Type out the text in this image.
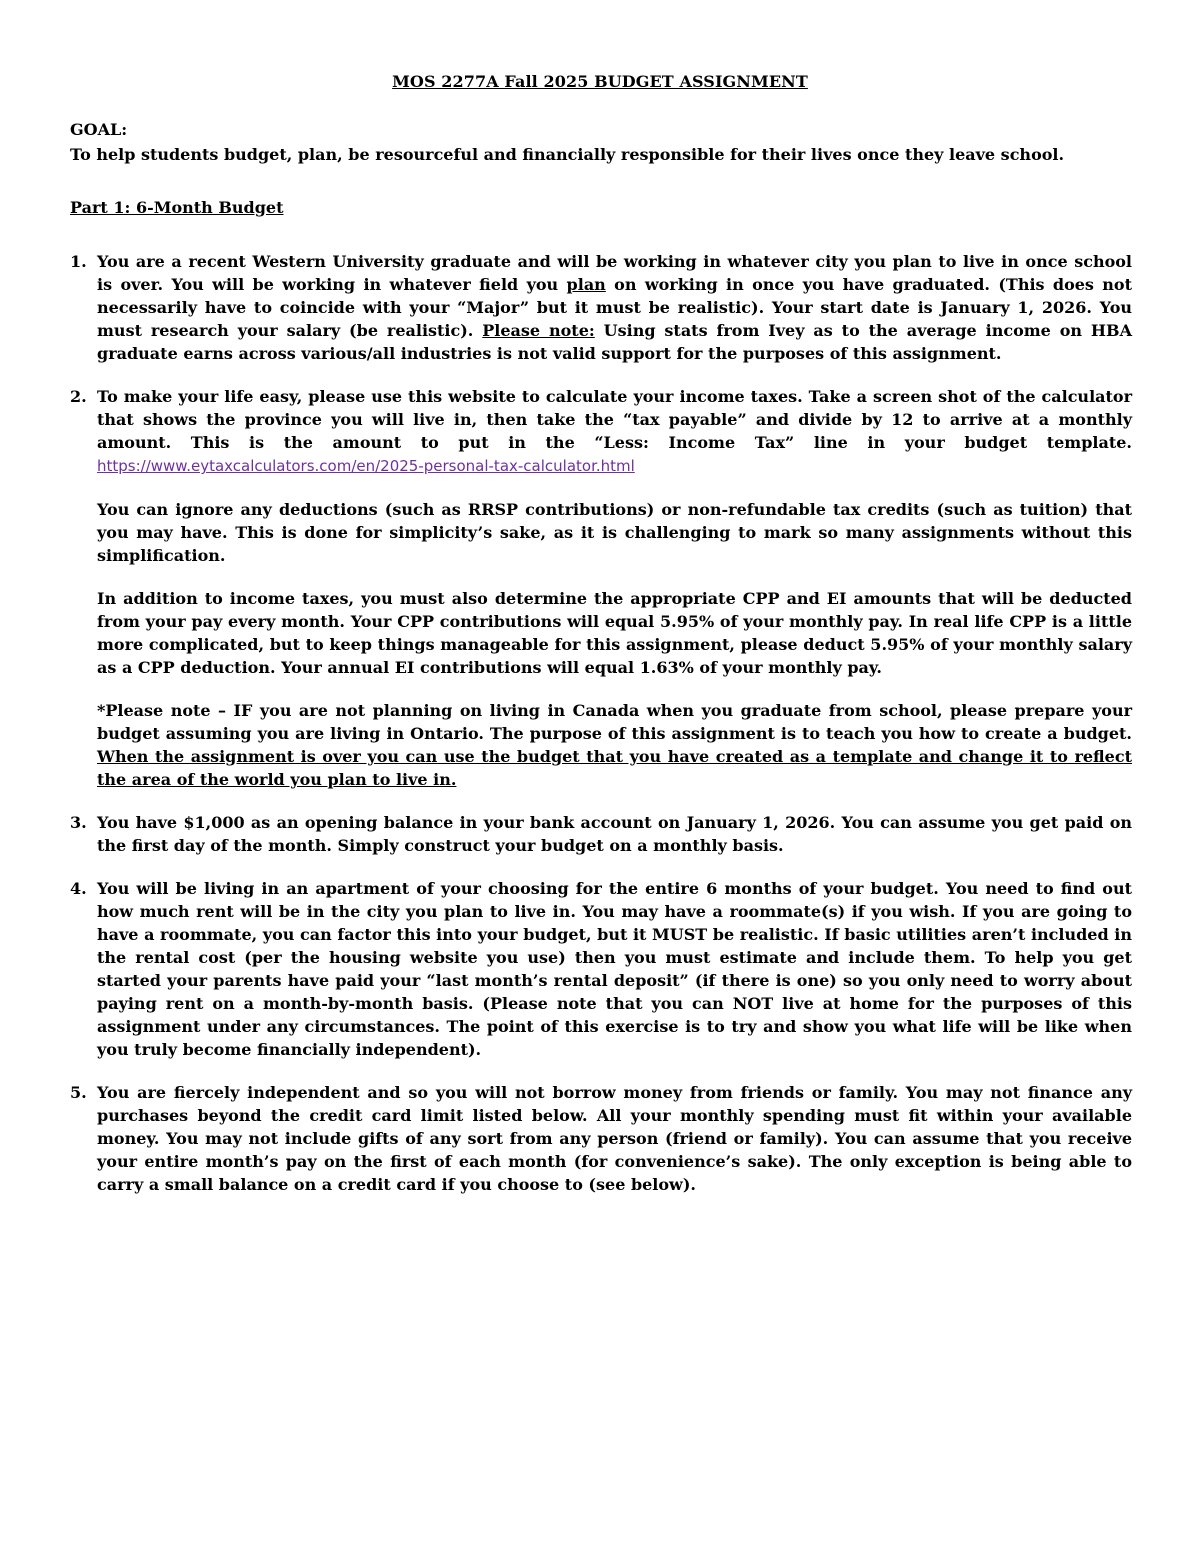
MOS 2277A Fall 2025 BUDGET ASSIGNMENT
GOAL:
To help students budget, plan, be resourceful and financially responsible for their lives once they leave school.
Part 1: 6-Month Budget
1. You are a recent Western University graduate and will be working in whatever city you plan to live in once school is over. You will be working in whatever field you plan on working in once you have graduated. (This does not necessarily have to coincide with your “Major” but it must be realistic). Your start date is January 1, 2026. You must research your salary (be realistic). Please note: Using stats from Ivey as to the average income on HBA graduate earns across various/all industries is not valid support for the purposes of this assignment.

2. To make your life easy, please use this website to calculate your income taxes. Take a screen shot of the calculator that shows the province you will live in, then take the “tax payable” and divide by 12 to arrive at a monthly amount. This is the amount to put in the “Less: Income Tax” line in your budget template. https://www.eytaxcalculators.com/en/2025-personal-tax-calculator.html

You can ignore any deductions (such as RRSP contributions) or non-refundable tax credits (such as tuition) that you may have. This is done for simplicity’s sake, as it is challenging to mark so many assignments without this simplification.

In addition to income taxes, you must also determine the appropriate CPP and EI amounts that will be deducted from your pay every month. Your CPP contributions will equal 5.95% of your monthly pay. In real life CPP is a little more complicated, but to keep things manageable for this assignment, please deduct 5.95% of your monthly salary as a CPP deduction. Your annual EI contributions will equal 1.63% of your monthly pay.

*Please note – IF you are not planning on living in Canada when you graduate from school, please prepare your budget assuming you are living in Ontario. The purpose of this assignment is to teach you how to create a budget. When the assignment is over you can use the budget that you have created as a template and change it to reflect the area of the world you plan to live in.

3. You have $1,000 as an opening balance in your bank account on January 1, 2026. You can assume you get paid on the first day of the month. Simply construct your budget on a monthly basis.

4. You will be living in an apartment of your choosing for the entire 6 months of your budget. You need to find out how much rent will be in the city you plan to live in. You may have a roommate(s) if you wish. If you are going to have a roommate, you can factor this into your budget, but it MUST be realistic. If basic utilities aren’t included in the rental cost (per the housing website you use) then you must estimate and include them. To help you get started your parents have paid your “last month’s rental deposit” (if there is one) so you only need to worry about paying rent on a month-by-month basis. (Please note that you can NOT live at home for the purposes of this assignment under any circumstances. The point of this exercise is to try and show you what life will be like when you truly become financially independent).

5. You are fiercely independent and so you will not borrow money from friends or family. You may not finance any purchases beyond the credit card limit listed below. All your monthly spending must fit within your available money. You may not include gifts of any sort from any person (friend or family). You can assume that you receive your entire month’s pay on the first of each month (for convenience’s sake). The only exception is being able to carry a small balance on a credit card if you choose to (see below).
